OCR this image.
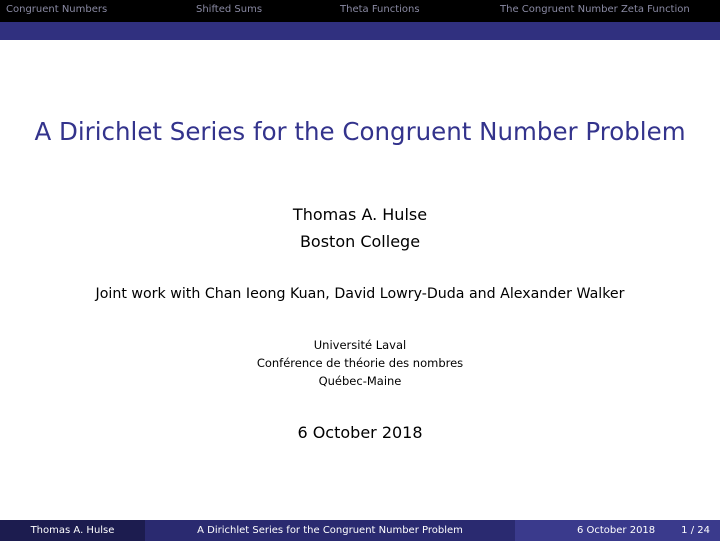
Congruent Numbers	Shifted Sums	Theta Functions	The Congruent Number Zeta Function
A Dirichlet Series for the Congruent Number Problem
Thomas A. Hulse
Boston College
Joint work with Chan Ieong Kuan, David Lowry-Duda and Alexander Walker
Université Laval
Conférence de théorie des nombres
Québec-Maine
6 October 2018
Thomas A. Hulse	A Dirichlet Series for the Congruent Number Problem	6 October 2018	1 / 24
